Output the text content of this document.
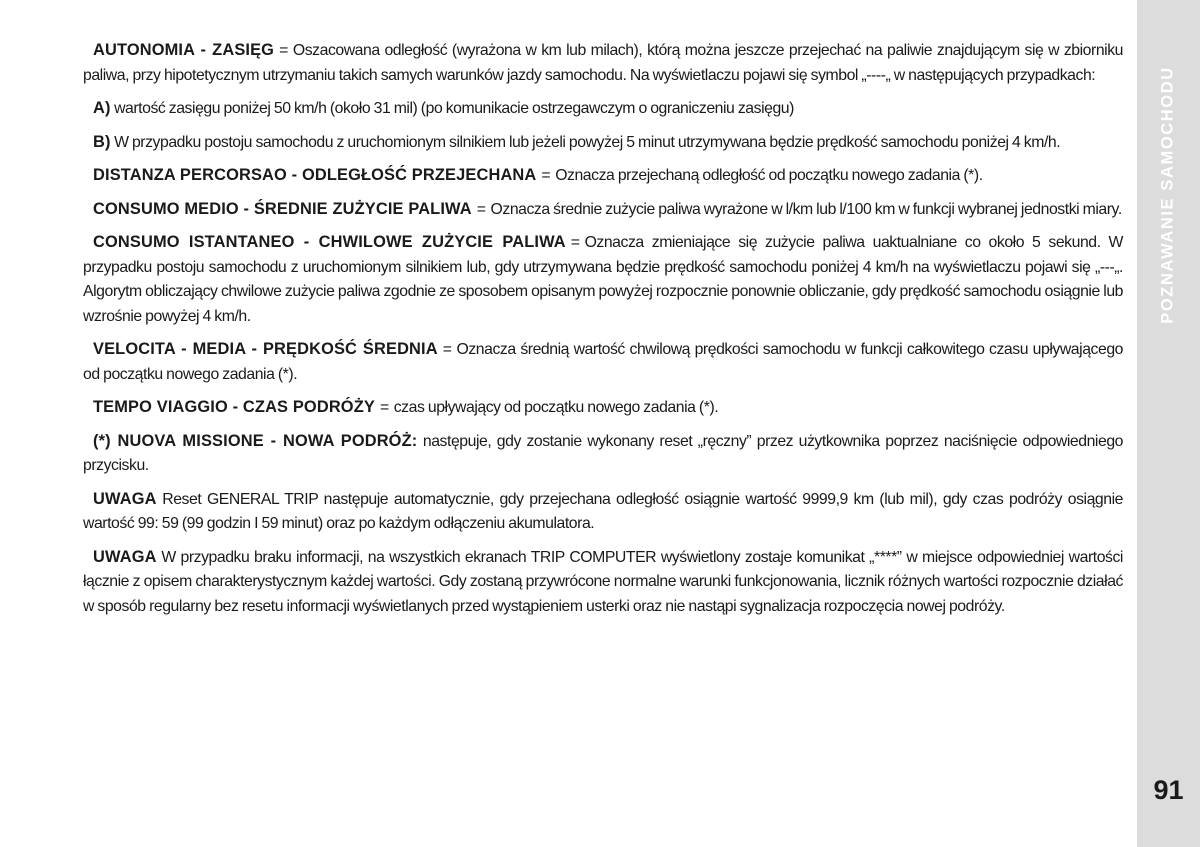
AUTONOMIA - ZASIĘG = Oszacowana odległość (wyrażona w km lub milach), którą można jeszcze przejechać na paliwie znajdującym się w zbiorniku paliwa, przy hipotetycznym utrzymaniu takich samych warunków jazdy samochodu. Na wyświetlaczu pojawi się symbol „----„ w następujących przypadkach:

A) wartość zasięgu poniżej 50 km/h (około 31 mil) (po komunikacie ostrzegawczym o ograniczeniu zasięgu)

B) W przypadku postoju samochodu z uruchomionym silnikiem lub jeżeli powyżej 5 minut utrzymywana będzie prędkość samochodu poniżej 4 km/h.

DISTANZA PERCORSAO - ODLEGŁOŚĆ PRZEJECHANA = Oznacza przejechaną odległość od początku nowego zadania (*).

CONSUMO MEDIO - ŚREDNIE ZUŻYCIE PALIWA = Oznacza średnie zużycie paliwa wyrażone w l/km lub l/100 km w funkcji wybranej jednostki miary.

CONSUMO ISTANTANEO - CHWILOWE ZUŻYCIE PALIWA = Oznacza zmieniające się zużycie paliwa uaktualniane co około 5 sekund. W przypadku postoju samochodu z uruchomionym silnikiem lub, gdy utrzymywana będzie prędkość samochodu poniżej 4 km/h na wyświetlaczu pojawi się „---„. Algorytm obliczający chwilowe zużycie paliwa zgodnie ze sposobem opisanym powyżej rozpocznie ponownie obliczanie, gdy prędkość samochodu osiągnie lub wzrośnie powyżej 4 km/h.

VELOCITA - MEDIA - PRĘDKOŚĆ ŚREDNIA = Oznacza średnią wartość chwilową prędkości samochodu w funkcji całkowitego czasu upływającego od początku nowego zadania (*).

TEMPO VIAGGIO - CZAS PODRÓŻY = czas upływający od początku nowego zadania (*).

(*) NUOVA MISSIONE - NOWA PODRÓŻ: następuje, gdy zostanie wykonany reset „ręczny” przez użytkownika poprzez naciśnięcie odpowiedniego przycisku.

UWAGA Reset GENERAL TRIP następuje automatycznie, gdy przejechana odległość osiągnie wartość 9999,9 km (lub mil), gdy czas podróży osiągnie wartość 99: 59 (99 godzin I 59 minut) oraz po każdym odłączeniu akumulatora.

UWAGA W przypadku braku informacji, na wszystkich ekranach TRIP COMPUTER wyświetlony zostaje komunikat „****” w miejsce odpowiedniej wartości łącznie z opisem charakterystycznym każdej wartości. Gdy zostaną przywrócone normalne warunki funkcjonowania, licznik różnych wartości rozpocznie działać w sposób regularny bez resetu informacji wyświetlanych przed wystąpieniem usterki oraz nie nastąpi sygnalizacja rozpoczęcia nowej podróży.

POZNAWANIE SAMOCHODU
91
